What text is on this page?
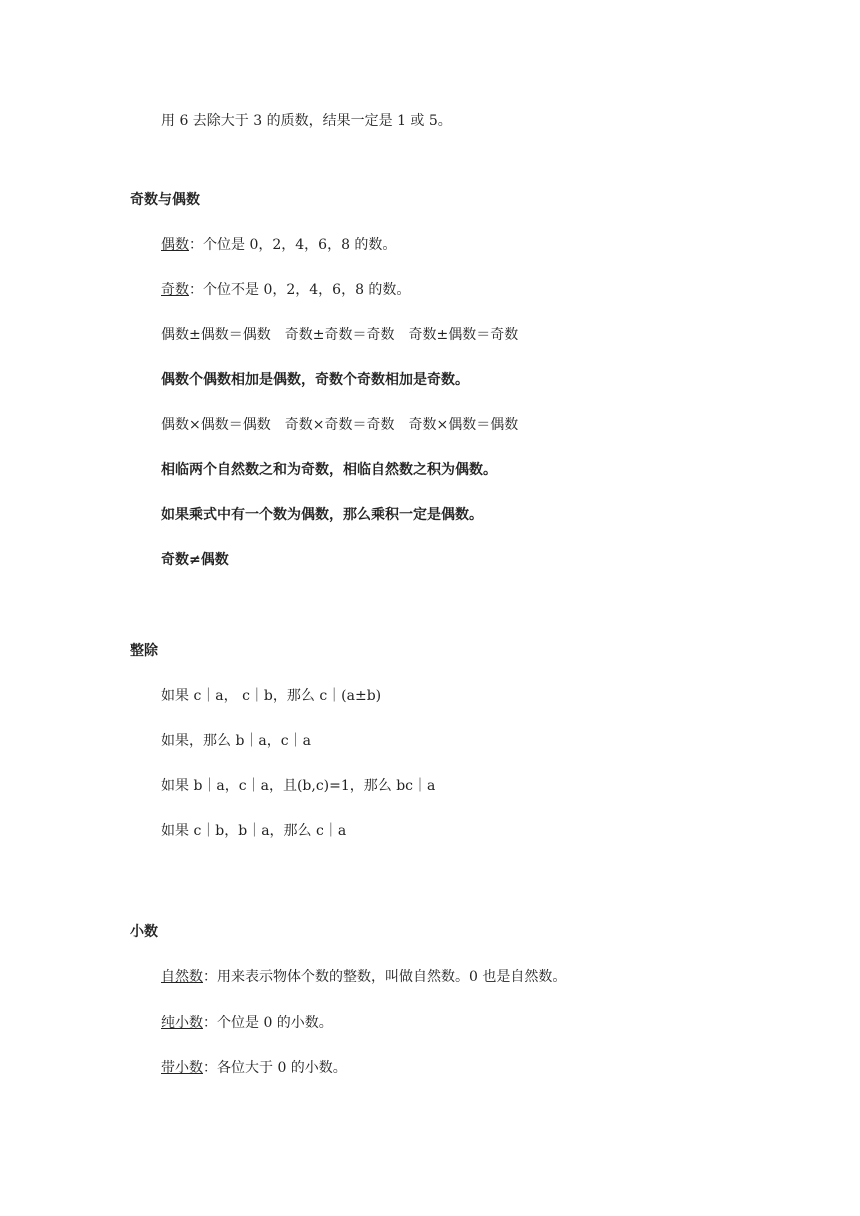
用 6 去除大于 3 的质数，结果一定是 1 或 5。
奇数与偶数
偶数：个位是 0，2，4，6，8 的数。
奇数：个位不是 0，2，4，6，8 的数。
偶数±偶数＝偶数　奇数±奇数＝奇数　奇数±偶数＝奇数
偶数个偶数相加是偶数，奇数个奇数相加是奇数。
偶数×偶数＝偶数　奇数×奇数＝奇数　奇数×偶数＝偶数
相临两个自然数之和为奇数，相临自然数之积为偶数。
如果乘式中有一个数为偶数，那么乘积一定是偶数。
奇数≠偶数
整除
如果 c｜a， c｜b，那么 c｜(a±b)
如果，那么 b｜a，c｜a
如果 b｜a，c｜a，且(b,c)=1，那么 bc｜a
如果 c｜b，b｜a，那么 c｜a
小数
自然数：用来表示物体个数的整数，叫做自然数。0 也是自然数。
纯小数：个位是 0 的小数。
带小数：各位大于 0 的小数。
